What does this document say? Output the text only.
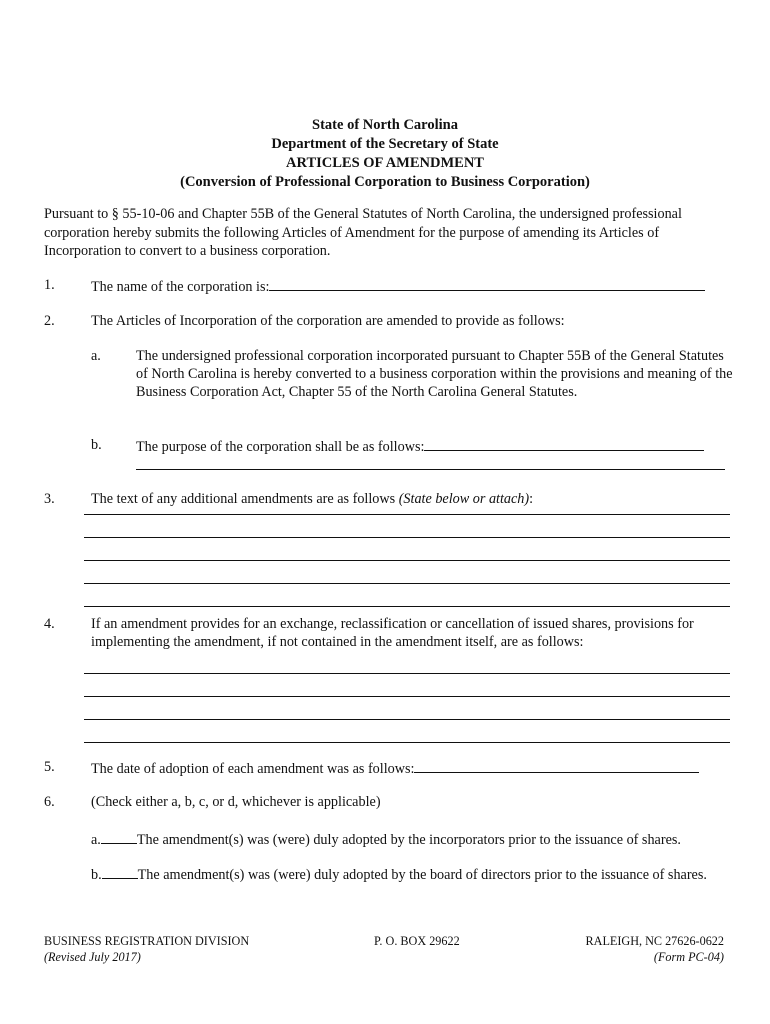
State of North Carolina
Department of the Secretary of State
ARTICLES OF AMENDMENT
(Conversion of Professional Corporation to Business Corporation)
Pursuant to § 55-10-06 and Chapter 55B of the General Statutes of North Carolina, the undersigned professional corporation hereby submits the following Articles of Amendment for the purpose of amending its Articles of Incorporation to convert to a business corporation.
1.	The name of the corporation is:
2.	The Articles of Incorporation of the corporation are amended to provide as follows:
a. The undersigned professional corporation incorporated pursuant to Chapter 55B of the General Statutes of North Carolina is hereby converted to a business corporation within the provisions and meaning of the Business Corporation Act, Chapter 55 of the North Carolina General Statutes.
b. The purpose of the corporation shall be as follows:
3.	The text of any additional amendments are as follows (State below or attach):
4.	If an amendment provides for an exchange, reclassification or cancellation of issued shares, provisions for implementing the amendment, if not contained in the amendment itself, are as follows:
5.	The date of adoption of each amendment was as follows:
6.	(Check either a, b, c, or d, whichever is applicable)
a.	The amendment(s) was (were) duly adopted by the incorporators prior to the issuance of shares.
b.	The amendment(s) was (were) duly adopted by the board of directors prior to the issuance of shares.
BUSINESS REGISTRATION DIVISION
(Revised July 2017)
P. O. BOX 29622	RALEIGH, NC 27626-0622
(Form PC-04)
